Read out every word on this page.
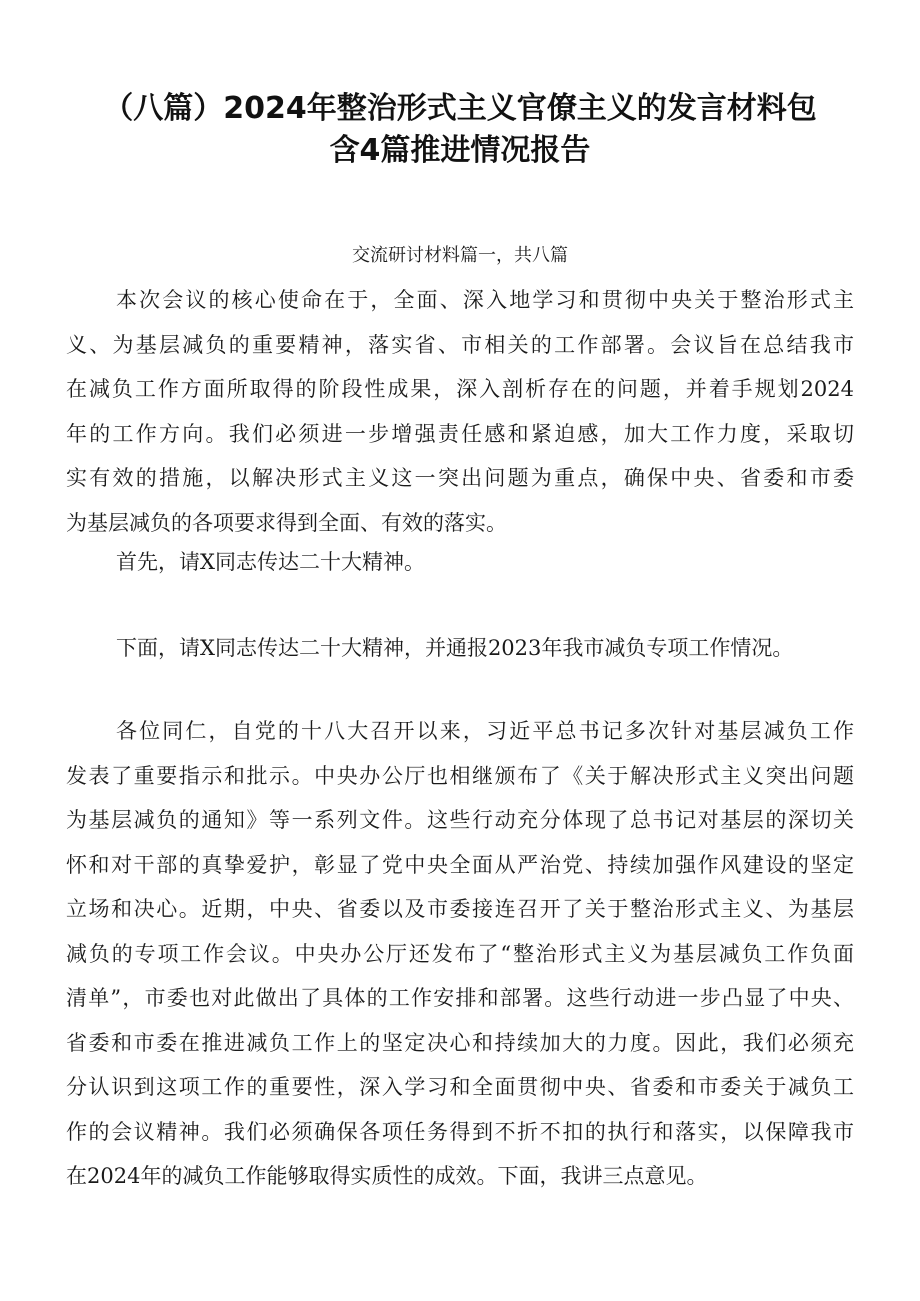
（八篇）2024年整治形式主义官僚主义的发言材料包
含4篇推进情况报告

交流研讨材料篇一，共八篇

本次会议的核心使命在于，全面、深入地学习和贯彻中央关于整治形式主
义、为基层减负的重要精神，落实省、市相关的工作部署。会议旨在总结我市
在减负工作方面所取得的阶段性成果，深入剖析存在的问题，并着手规划2024
年的工作方向。我们必须进一步增强责任感和紧迫感，加大工作力度，采取切
实有效的措施，以解决形式主义这一突出问题为重点，确保中央、省委和市委
为基层减负的各项要求得到全面、有效的落实。

首先，请X同志传达二十大精神。

下面，请X同志传达二十大精神，并通报2023年我市减负专项工作情况。

各位同仁，自党的十八大召开以来，习近平总书记多次针对基层减负工作
发表了重要指示和批示。中央办公厅也相继颁布了《关于解决形式主义突出问题
为基层减负的通知》等一系列文件。这些行动充分体现了总书记对基层的深切关
怀和对干部的真挚爱护，彰显了党中央全面从严治党、持续加强作风建设的坚定
立场和决心。近期，中央、省委以及市委接连召开了关于整治形式主义、为基层
减负的专项工作会议。中央办公厅还发布了“整治形式主义为基层减负工作负面
清单”，市委也对此做出了具体的工作安排和部署。这些行动进一步凸显了中央、
省委和市委在推进减负工作上的坚定决心和持续加大的力度。因此，我们必须充
分认识到这项工作的重要性，深入学习和全面贯彻中央、省委和市委关于减负工
作的会议精神。我们必须确保各项任务得到不折不扣的执行和落实，以保障我市
在2024年的减负工作能够取得实质性的成效。下面，我讲三点意见。
